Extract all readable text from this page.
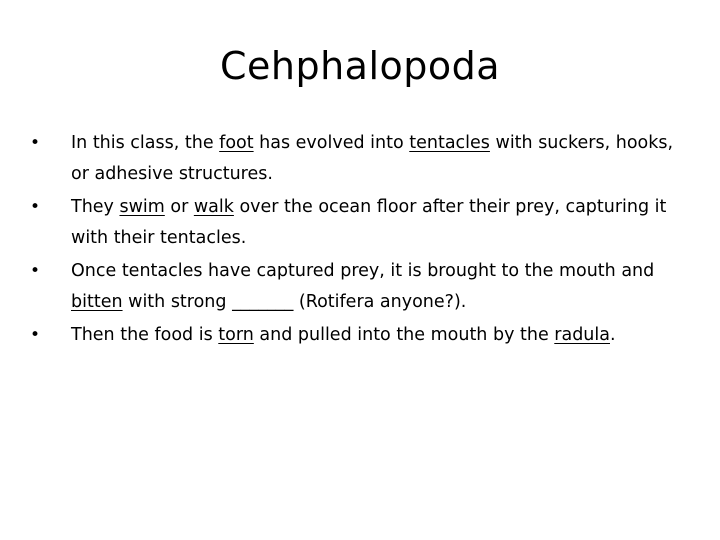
Cehphalopoda
• In this class, the foot has evolved into tentacles with suckers, hooks, or adhesive structures.
• They swim or walk over the ocean floor after their prey, capturing it with their tentacles.
• Once tentacles have captured prey, it is brought to the mouth and bitten with strong _______ (Rotifera anyone?).
• Then the food is torn and pulled into the mouth by the radula.
